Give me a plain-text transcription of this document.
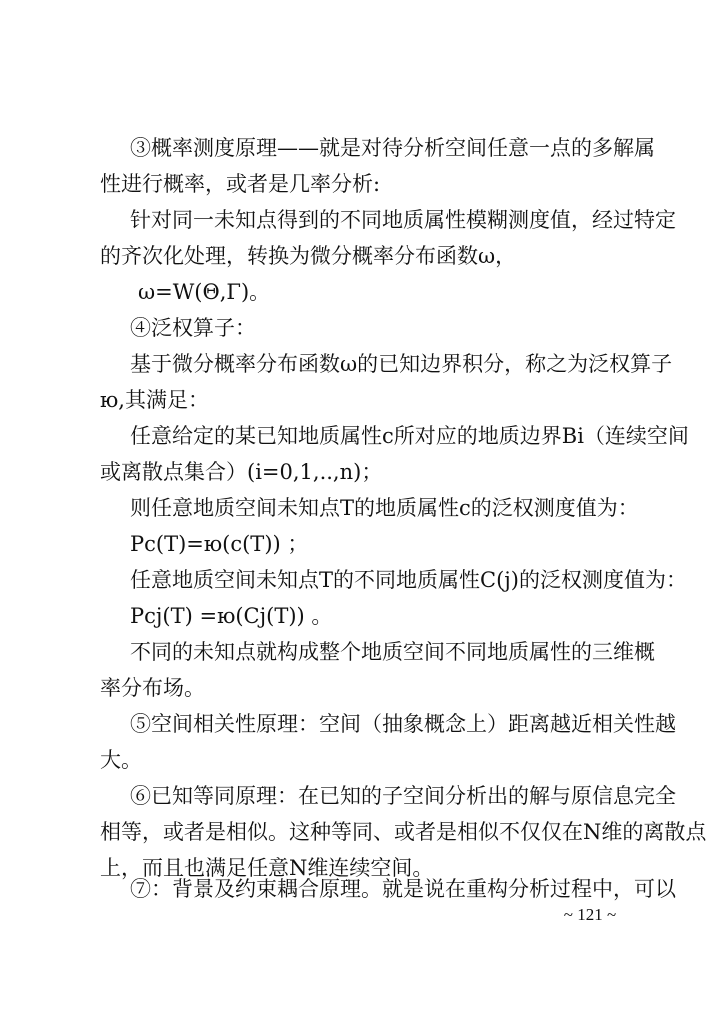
③概率测度原理——就是对待分析空间任意一点的多解属
性进行概率，或者是几率分析:
针对同一未知点得到的不同地质属性模糊测度值，经过特定
的齐次化处理，转换为微分概率分布函数ω，
ω=W(Θ,Γ)。
④泛权算子：
基于微分概率分布函数ω的已知边界积分，称之为泛权算子
ю,其满足：
任意给定的某已知地质属性c所对应的地质边界Bi（连续空间
或离散点集合）(i=0,1,..,n)；
则任意地质空间未知点T的地质属性c的泛权测度值为：
Pc(T)=ю(c(T)) ；
任意地质空间未知点T的不同地质属性C(j)的泛权测度值为：
Pcj(T) =ю(Cj(T)) 。
不同的未知点就构成整个地质空间不同地质属性的三维概
率分布场。
⑤空间相关性原理：空间（抽象概念上）距离越近相关性越
大。
⑥已知等同原理：在已知的子空间分析出的解与原信息完全
相等，或者是相似。这种等同、或者是相似不仅仅在N维的离散点
上，而且也满足任意N维连续空间。
⑦：背景及约束耦合原理。就是说在重构分析过程中，可以
~ 121 ~
